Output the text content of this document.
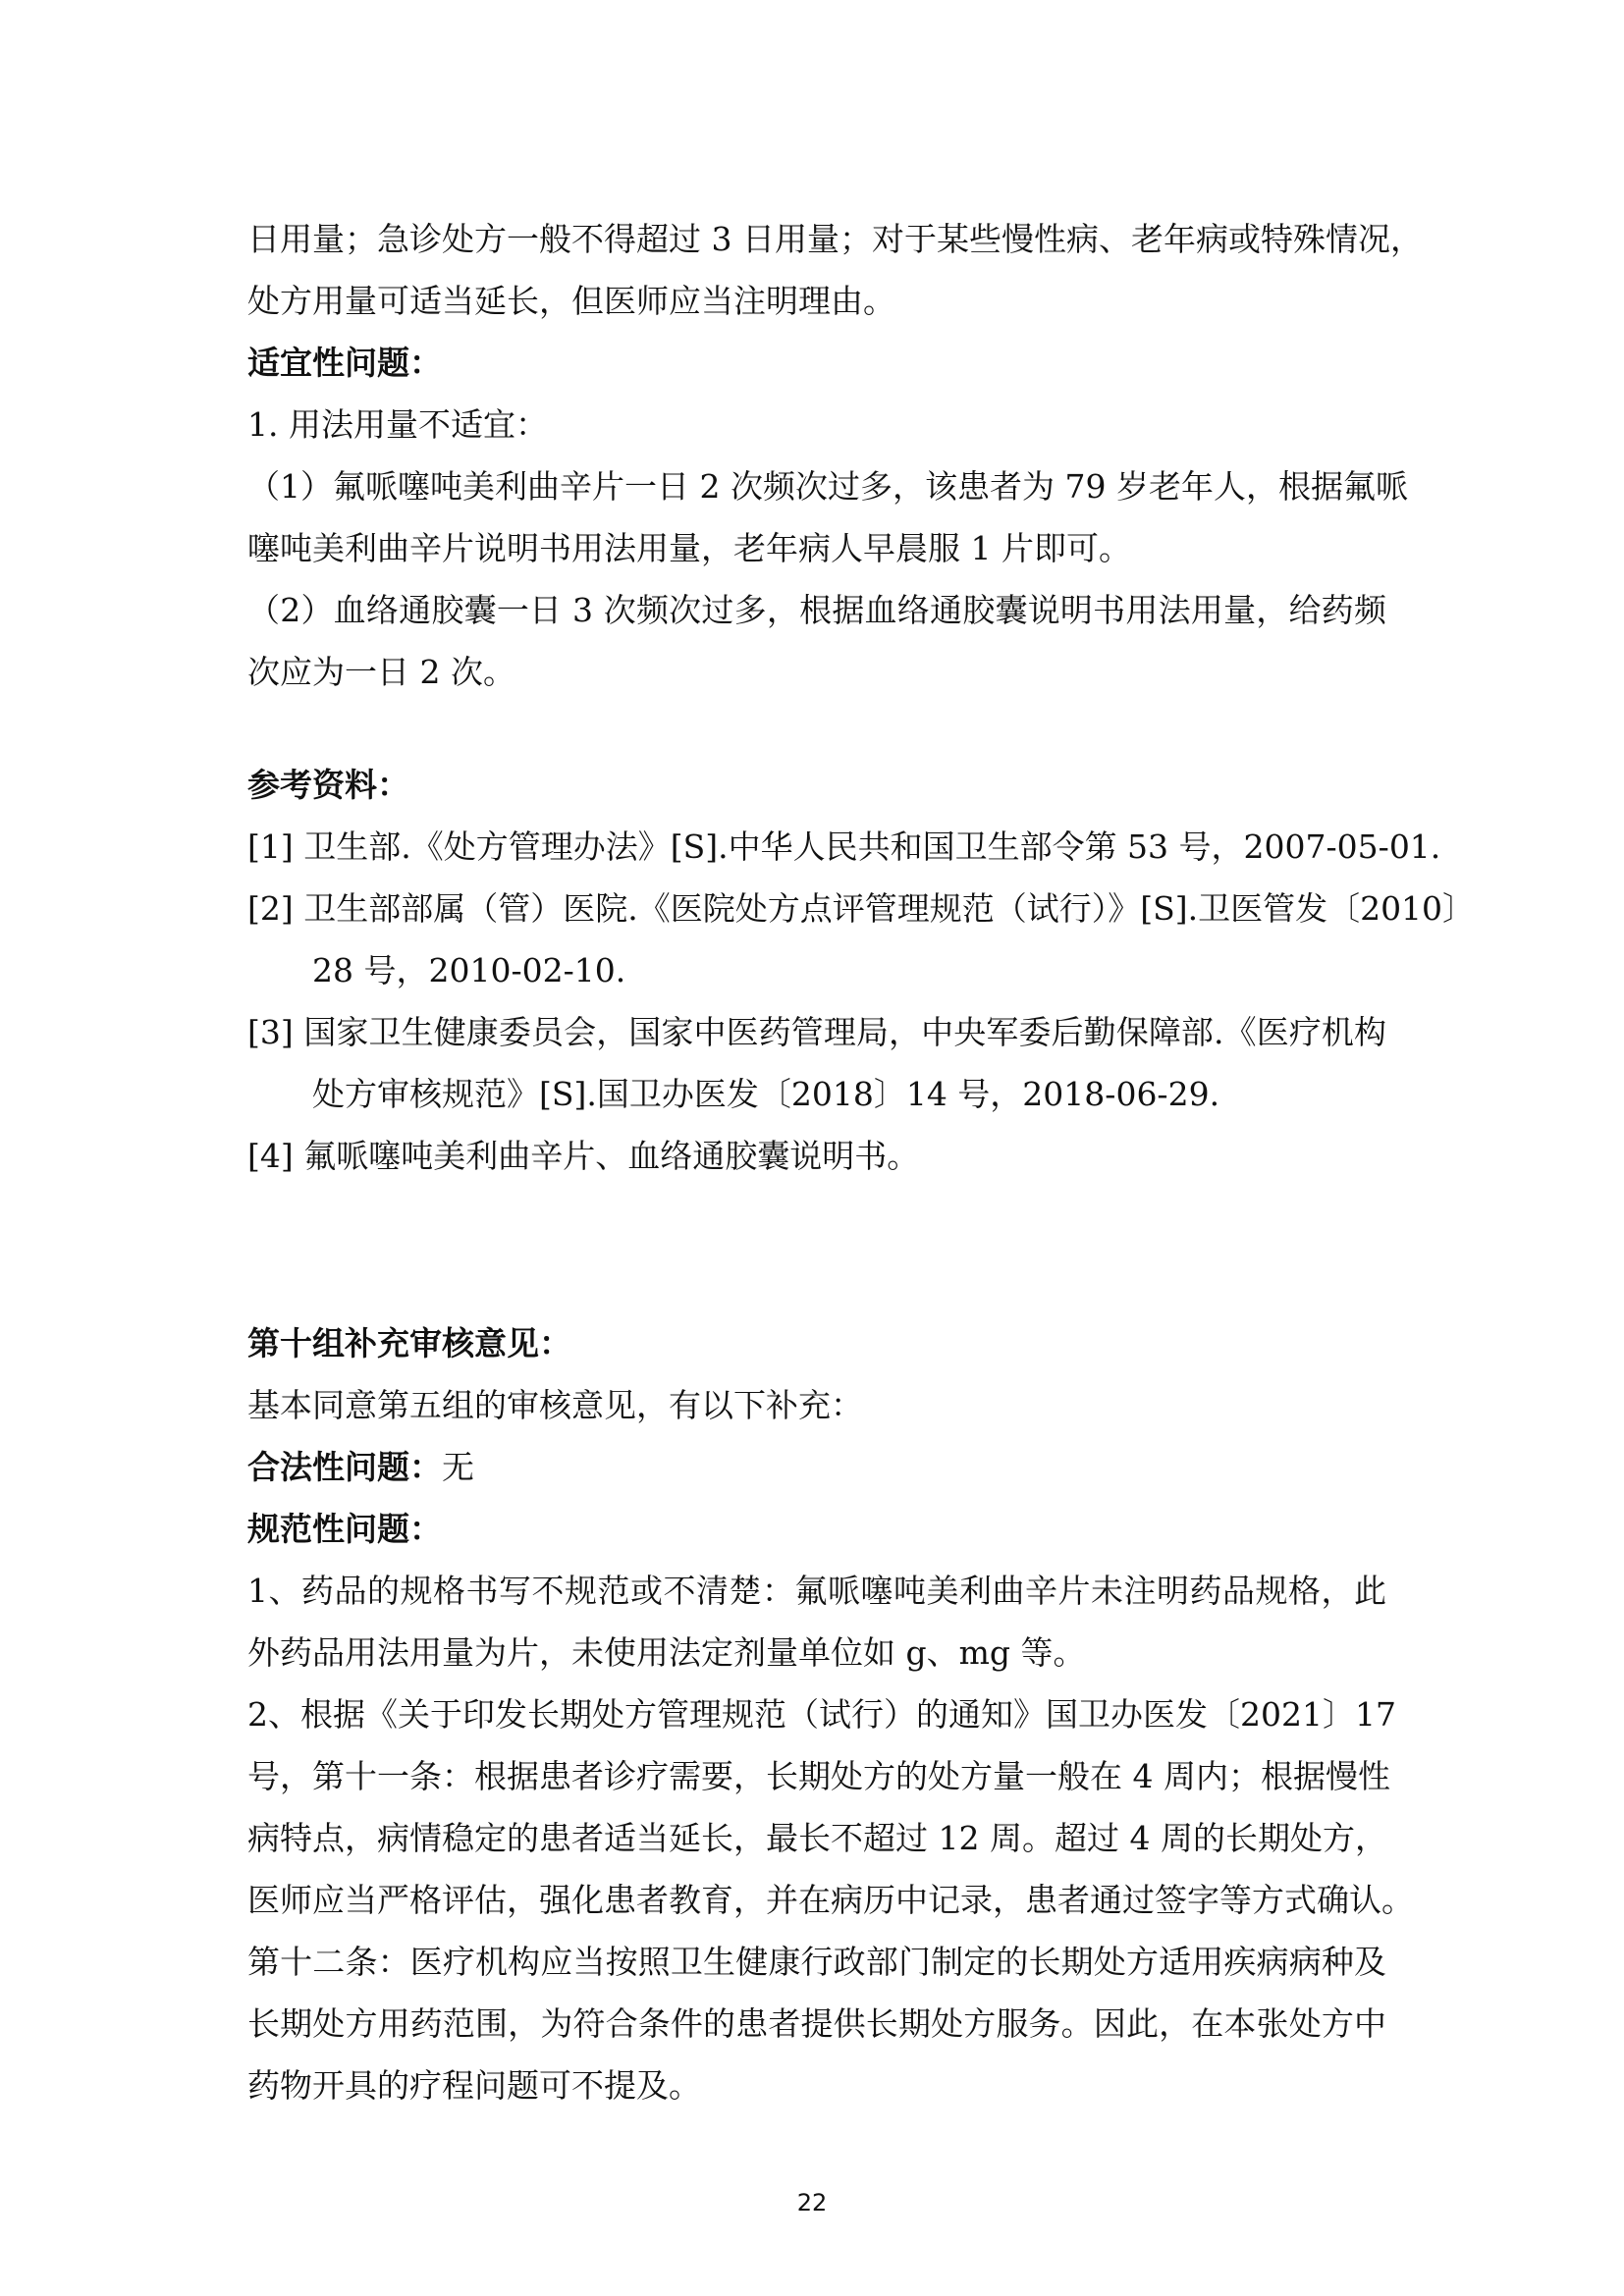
日用量；急诊处方一般不得超过 3 日用量；对于某些慢性病、老年病或特殊情况，
处方用量可适当延长，但医师应当注明理由。
适宜性问题：
1. 用法用量不适宜：
（1）氟哌噻吨美利曲辛片一日 2 次频次过多，该患者为 79 岁老年人，根据氟哌
噻吨美利曲辛片说明书用法用量，老年病人早晨服 1 片即可。
（2）血络通胶囊一日 3 次频次过多，根据血络通胶囊说明书用法用量，给药频
次应为一日 2 次。
参考资料：
[1] 卫生部.《处方管理办法》[S].中华人民共和国卫生部令第 53 号，2007-05-01.
[2] 卫生部部属（管）医院.《医院处方点评管理规范（试行）》[S].卫医管发〔2010〕
28 号，2010-02-10.
[3] 国家卫生健康委员会，国家中医药管理局，中央军委后勤保障部.《医疗机构
处方审核规范》[S].国卫办医发〔2018〕14 号，2018-06-29.
[4] 氟哌噻吨美利曲辛片、血络通胶囊说明书。
第十组补充审核意见：
基本同意第五组的审核意见，有以下补充：
合法性问题：无
规范性问题：
1、药品的规格书写不规范或不清楚：氟哌噻吨美利曲辛片未注明药品规格，此
外药品用法用量为片，未使用法定剂量单位如 g、mg 等。
2、根据《关于印发长期处方管理规范（试行）的通知》国卫办医发〔2021〕17
号，第十一条：根据患者诊疗需要，长期处方的处方量一般在 4 周内；根据慢性
病特点，病情稳定的患者适当延长，最长不超过 12 周。超过 4 周的长期处方，
医师应当严格评估，强化患者教育，并在病历中记录，患者通过签字等方式确认。
第十二条：医疗机构应当按照卫生健康行政部门制定的长期处方适用疾病病种及
长期处方用药范围，为符合条件的患者提供长期处方服务。因此，在本张处方中
药物开具的疗程问题可不提及。
22
